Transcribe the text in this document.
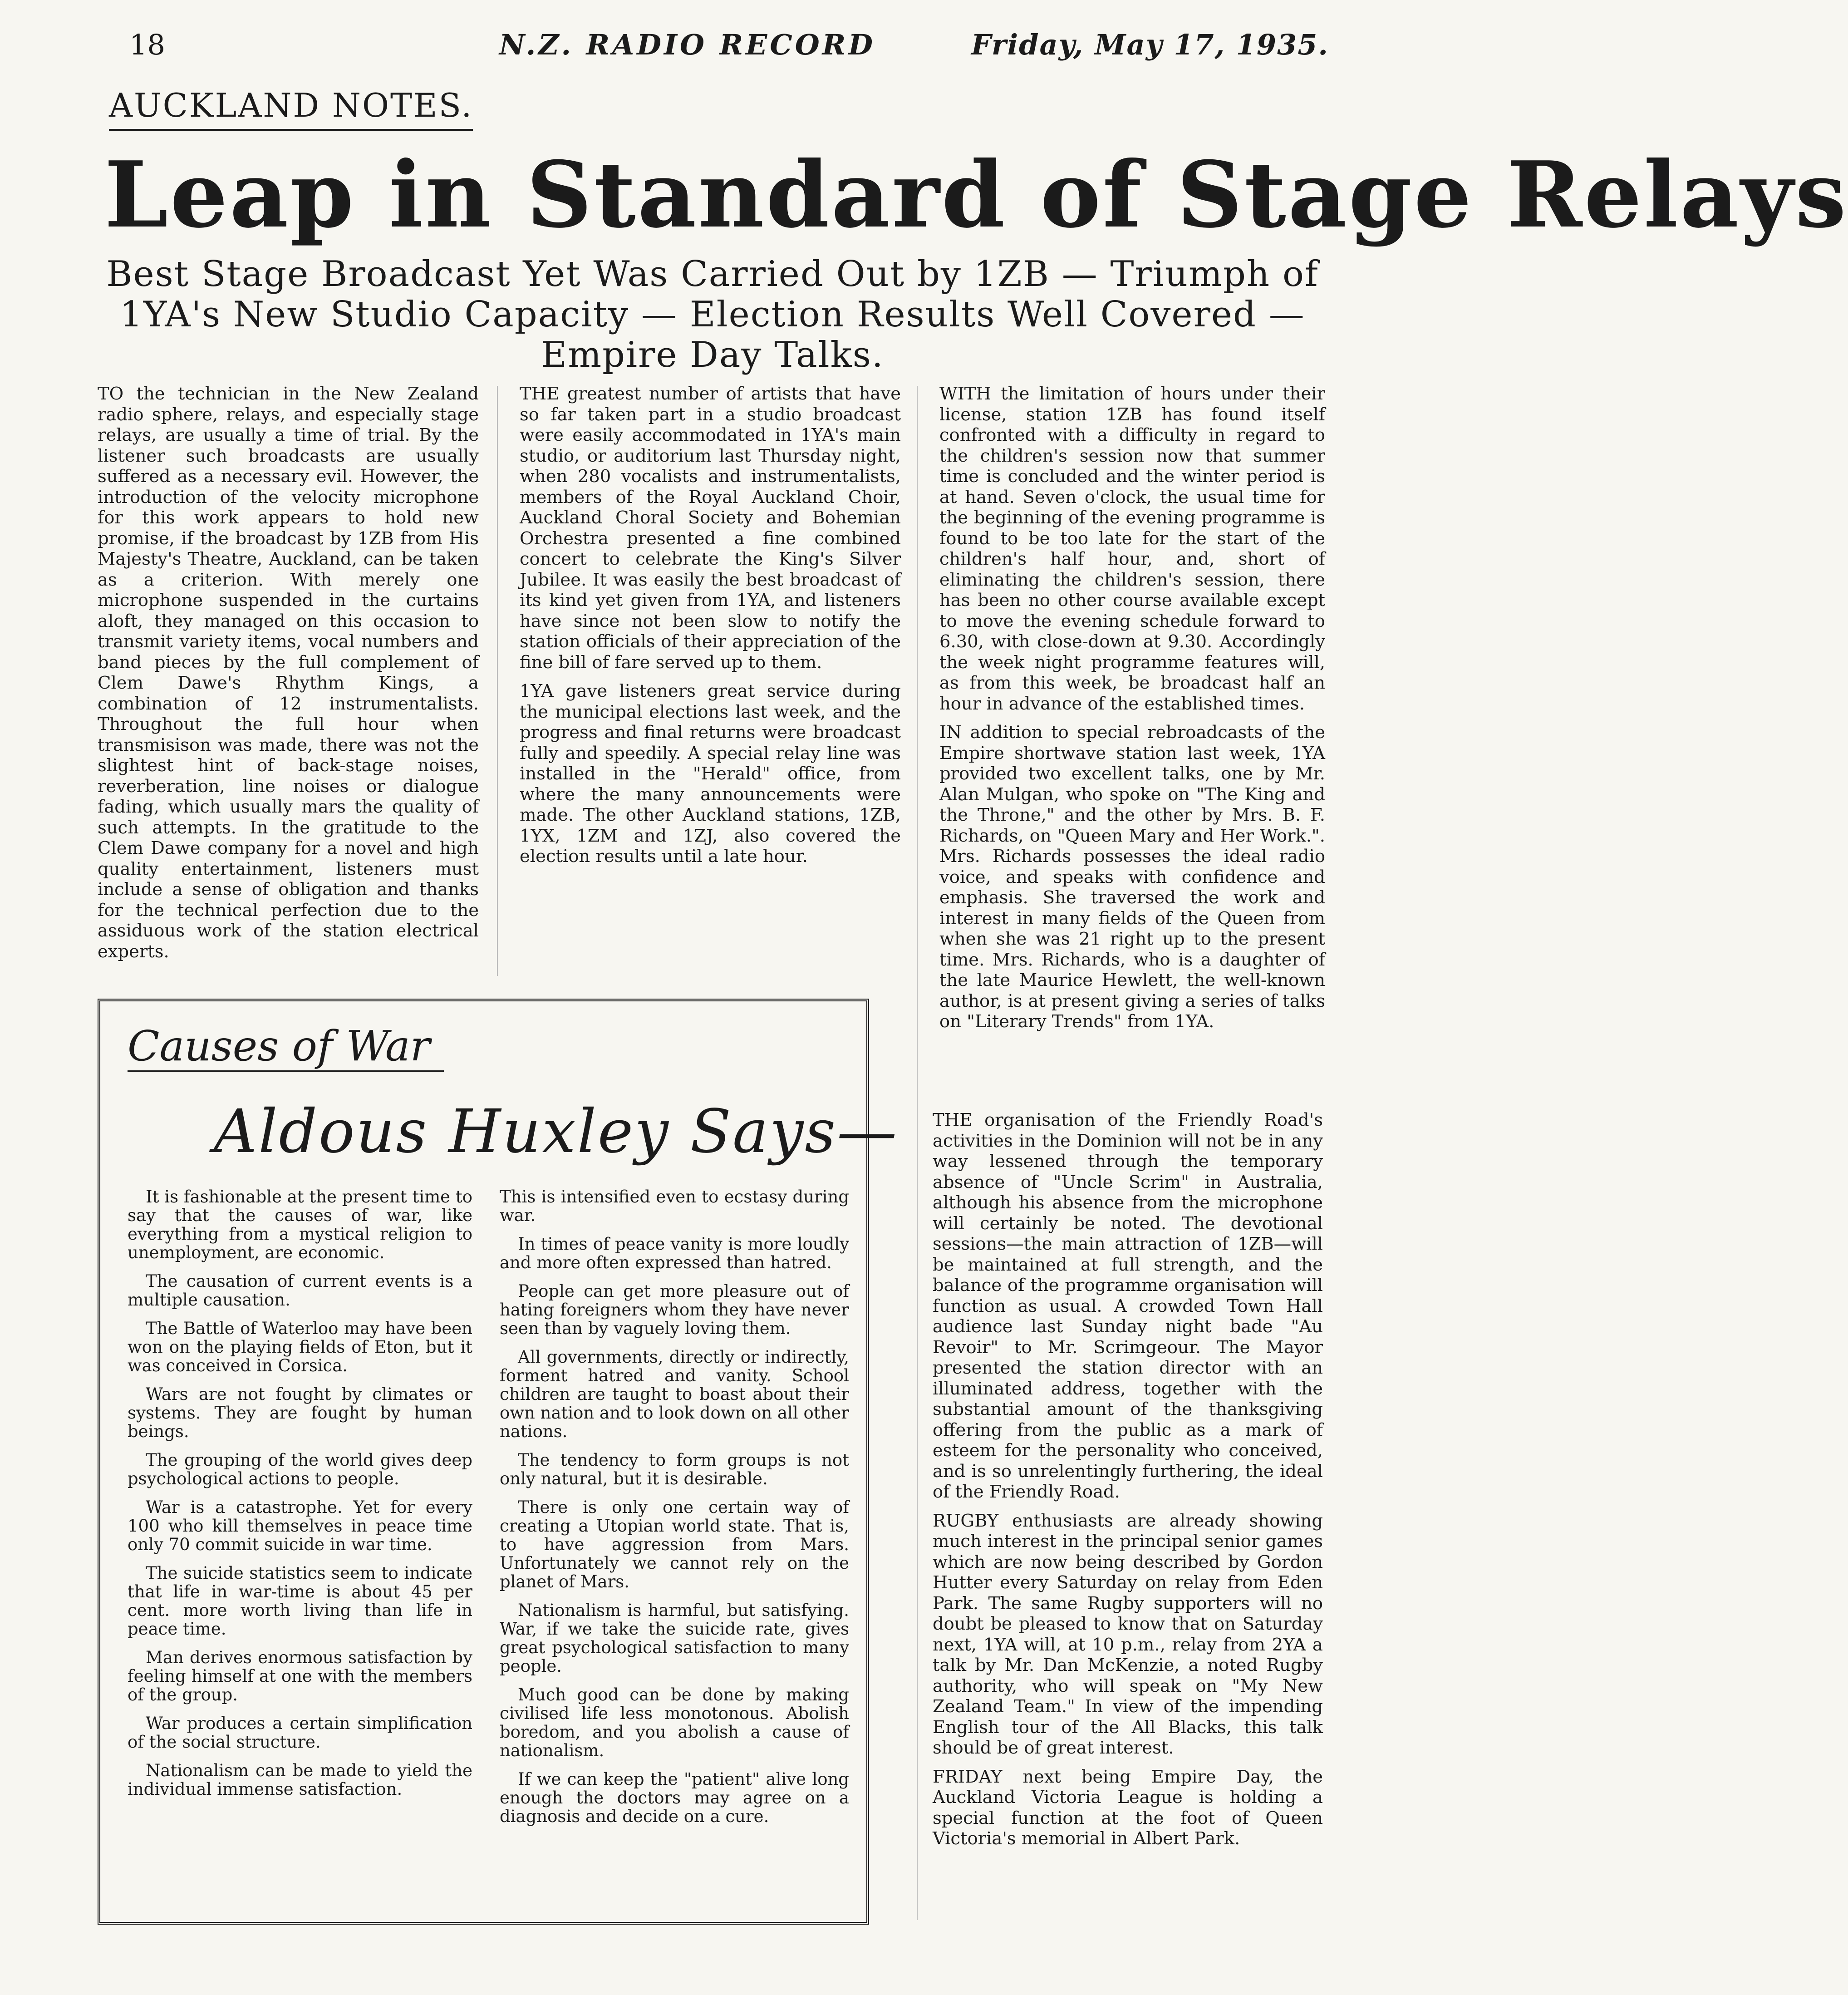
18	N.Z. RADIO RECORD	Friday, May 17, 1935.
AUCKLAND NOTES.
Leap in Standard of Stage Relays
Best Stage Broadcast Yet Was Carried Out by 1ZB — Triumph of 1YA's New Studio Capacity — Election Results Well Covered — Empire Day Talks.

TO the technician in the New Zealand radio sphere, relays, and especially stage relays, are usually a time of trial. By the listener such broadcasts are usually suffered as a necessary evil. However, the introduction of the velocity microphone for this work appears to hold new promise, if the broadcast by 1ZB from His Majesty's Theatre, Auckland, can be taken as a criterion. With merely one microphone suspended in the curtains aloft, they managed on this occasion to transmit variety items, vocal numbers and band pieces by the full complement of Clem Dawe's Rhythm Kings, a combination of 12 instrumentalists. Throughout the full hour when transmisison was made, there was not the slightest hint of back-stage noises, reverberation, line noises or dialogue fading, which usually mars the quality of such attempts. In the gratitude to the Clem Dawe company for a novel and high quality entertainment, listeners must include a sense of obligation and thanks for the technical perfection due to the assiduous work of the station electrical experts.

THE greatest number of artists that have so far taken part in a studio broadcast were easily accommodated in 1YA's main studio, or auditorium last Thursday night, when 280 vocalists and instrumentalists, members of the Royal Auckland Choir, Auckland Choral Society and Bohemian Orchestra presented a fine combined concert to celebrate the King's Silver Jubilee. It was easily the best broadcast of its kind yet given from 1YA, and listeners have since not been slow to notify the station officials of their appreciation of the fine bill of fare served up to them.

1YA gave listeners great service during the municipal elections last week, and the progress and final returns were broadcast fully and speedily. A special relay line was installed in the "Herald" office, from where the many announcements were made. The other Auckland stations, 1ZB, 1YX, 1ZM and 1ZJ, also covered the election results until a late hour.

WITH the limitation of hours under their license, station 1ZB has found itself confronted with a difficulty in regard to the children's session now that summer time is concluded and the winter period is at hand. Seven o'clock, the usual time for the beginning of the evening programme is found to be too late for the start of the children's half hour, and, short of eliminating the children's session, there has been no other course available except to move the evening schedule forward to 6.30, with close-down at 9.30. Accordingly the week night programme features will, as from this week, be broadcast half an hour in advance of the established times.

IN addition to special rebroadcasts of the Empire shortwave station last week, 1YA provided two excellent talks, one by Mr. Alan Mulgan, who spoke on "The King and the Throne," and the other by Mrs. B. F. Richards, on "Queen Mary and Her Work.". Mrs. Richards possesses the ideal radio voice, and speaks with confidence and emphasis. She traversed the work and interest in many fields of the Queen from when she was 21 right up to the present time. Mrs. Richards, who is a daughter of the late Maurice Hewlett, the well-known author, is at present giving a series of talks on "Literary Trends" from 1YA.

THE organisation of the Friendly Road's activities in the Dominion will not be in any way lessened through the temporary absence of "Uncle Scrim" in Australia, although his absence from the microphone will certainly be noted. The devotional sessions—the main attraction of 1ZB—will be maintained at full strength, and the balance of the programme organisation will function as usual. A crowded Town Hall audience last Sunday night bade "Au Revoir" to Mr. Scrimgeour. The Mayor presented the station director with an illuminated address, together with the substantial amount of the thanksgiving offering from the public as a mark of esteem for the personality who conceived, and is so unrelentingly furthering, the ideal of the Friendly Road.

RUGBY enthusiasts are already showing much interest in the principal senior games which are now being described by Gordon Hutter every Saturday on relay from Eden Park. The same Rugby supporters will no doubt be pleased to know that on Saturday next, 1YA will, at 10 p.m., relay from 2YA a talk by Mr. Dan McKenzie, a noted Rugby authority, who will speak on "My New Zealand Team." In view of the impending English tour of the All Blacks, this talk should be of great interest.

FRIDAY next being Empire Day, the Auckland Victoria League is holding a special function at the foot of Queen Victoria's memorial in Albert Park.

Causes of War
Aldous Huxley Says—

It is fashionable at the present time to say that the causes of war, like everything from a mystical religion to unemployment, are economic.

The causation of current events is a multiple causation.

The Battle of Waterloo may have been won on the playing fields of Eton, but it was conceived in Corsica.

Wars are not fought by climates or systems. They are fought by human beings.

The grouping of the world gives deep psychological actions to people.

War is a catastrophe. Yet for every 100 who kill themselves in peace time only 70 commit suicide in war time.

The suicide statistics seem to indicate that life in war-time is about 45 per cent. more worth living than life in peace time.

Man derives enormous satisfaction by feeling himself at one with the members of the group.

War produces a certain simplification of the social structure.

Nationalism can be made to yield the individual immense satisfaction.

This is intensified even to ecstasy during war.

In times of peace vanity is more loudly and more often expressed than hatred.

People can get more pleasure out of hating foreigners whom they have never seen than by vaguely loving them.

All governments, directly or indirectly, forment hatred and vanity. School children are taught to boast about their own nation and to look down on all other nations.

The tendency to form groups is not only natural, but it is desirable.

There is only one certain way of creating a Utopian world state. That is, to have aggression from Mars. Unfortunately we cannot rely on the planet of Mars.

Nationalism is harmful, but satisfying. War, if we take the suicide rate, gives great psychological satisfaction to many people.

Much good can be done by making civilised life less monotonous. Abolish boredom, and you abolish a cause of nationalism.

If we can keep the "patient" alive long enough the doctors may agree on a diagnosis and decide on a cure.
